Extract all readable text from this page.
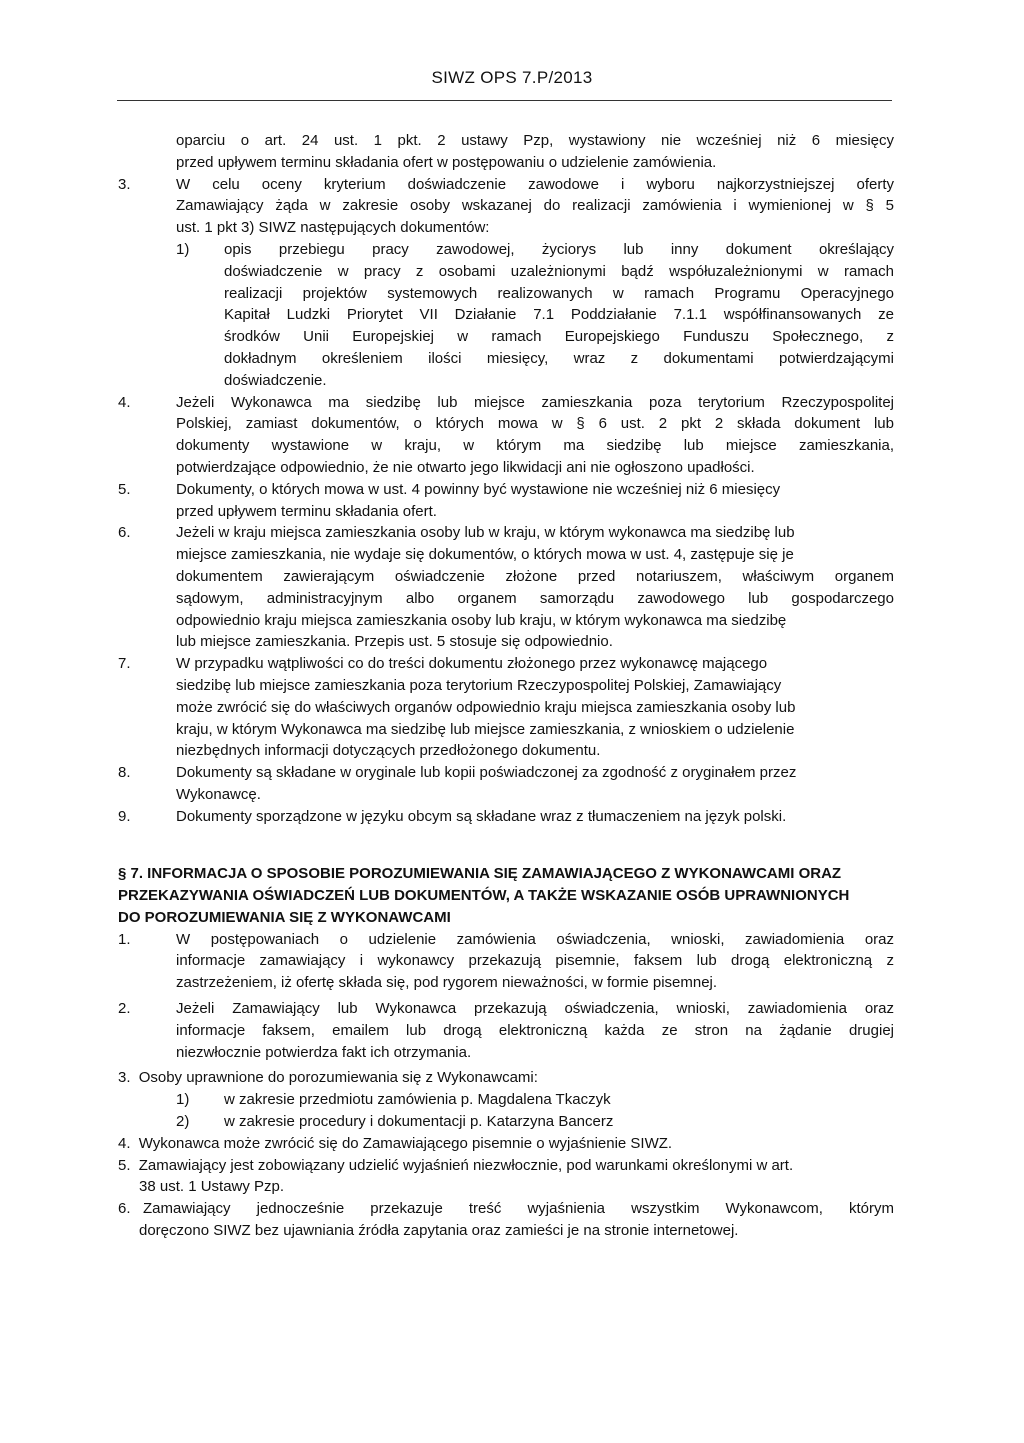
SIWZ OPS 7.P/2013
oparciu o art. 24 ust. 1 pkt. 2 ustawy Pzp, wystawiony nie wcześniej niż 6 miesięcy
przed upływem terminu składania ofert w postępowaniu o udzielenie zamówienia.
3.	W celu oceny kryterium doświadczenie zawodowe i wyboru najkorzystniejszej oferty
Zamawiający żąda w zakresie osoby wskazanej do realizacji zamówienia i wymienionej w § 5
ust. 1 pkt 3) SIWZ następujących dokumentów:
1) opis przebiegu pracy zawodowej, życiorys lub inny dokument określający
doświadczenie w pracy z osobami uzależnionymi bądź współuzależnionymi w ramach
realizacji projektów systemowych realizowanych w ramach Programu Operacyjnego
Kapitał Ludzki Priorytet VII Działanie 7.1 Poddziałanie 7.1.1 współfinansowanych ze
środków Unii Europejskiej w ramach Europejskiego Funduszu Społecznego, z
dokładnym określeniem ilości miesięcy, wraz z dokumentami potwierdzającymi
doświadczenie.
4.	Jeżeli Wykonawca ma siedzibę lub miejsce zamieszkania poza terytorium Rzeczypospolitej
Polskiej, zamiast dokumentów, o których mowa w § 6 ust. 2 pkt 2 składa dokument lub
dokumenty wystawione w kraju, w którym ma siedzibę lub miejsce zamieszkania,
potwierdzające odpowiednio, że nie otwarto jego likwidacji ani nie ogłoszono upadłości.
5.	Dokumenty, o których mowa w ust. 4 powinny być wystawione nie wcześniej niż 6 miesięcy
przed upływem terminu składania ofert.
6.	Jeżeli w kraju miejsca zamieszkania osoby lub w kraju, w którym wykonawca ma siedzibę lub
miejsce zamieszkania, nie wydaje się dokumentów, o których mowa w ust. 4, zastępuje się je
dokumentem zawierającym oświadczenie złożone przed notariuszem, właściwym organem
sądowym, administracyjnym albo organem samorządu zawodowego lub gospodarczego
odpowiednio kraju miejsca zamieszkania osoby lub kraju, w którym wykonawca ma siedzibę
lub miejsce zamieszkania. Przepis ust. 5 stosuje się odpowiednio.
7.	W przypadku wątpliwości co do treści dokumentu złożonego przez wykonawcę mającego
siedzibę lub miejsce zamieszkania poza terytorium Rzeczypospolitej Polskiej, Zamawiający
może zwrócić się do właściwych organów odpowiednio kraju miejsca zamieszkania osoby lub
kraju, w którym Wykonawca ma siedzibę lub miejsce zamieszkania, z wnioskiem o udzielenie
niezbędnych informacji dotyczących przedłożonego dokumentu.
8.	Dokumenty są składane w oryginale lub kopii poświadczonej za zgodność z oryginałem przez
Wykonawcę.
9.	Dokumenty sporządzone w języku obcym są składane wraz z tłumaczeniem na język polski.
§ 7. INFORMACJA O SPOSOBIE POROZUMIEWANIA SIĘ ZAMAWIAJĄCEGO Z WYKONAWCAMI ORAZ
PRZEKAZYWANIA OŚWIADCZEŃ LUB DOKUMENTÓW, A TAKŻE WSKAZANIE OSÓB UPRAWNIONYCH
DO POROZUMIEWANIA SIĘ Z WYKONAWCAMI
1.	W postępowaniach o udzielenie zamówienia oświadczenia, wnioski, zawiadomienia oraz
informacje zamawiający i wykonawcy przekazują pisemnie, faksem lub drogą elektroniczną z
zastrzeżeniem, iż ofertę składa się, pod rygorem nieważności, w formie pisemnej.
2.	Jeżeli Zamawiający lub Wykonawca przekazują oświadczenia, wnioski, zawiadomienia oraz
informacje faksem, emailem lub drogą elektroniczną każda ze stron na żądanie drugiej
niezwłocznie potwierdza fakt ich otrzymania.
3. Osoby uprawnione do porozumiewania się z Wykonawcami:
1) w zakresie przedmiotu zamówienia p. Magdalena Tkaczyk
2) w zakresie procedury i dokumentacji p. Katarzyna Bancerz
4. Wykonawca może zwrócić się do Zamawiającego pisemnie o wyjaśnienie SIWZ.
5. Zamawiający jest zobowiązany udzielić wyjaśnień niezwłocznie, pod warunkami określonymi w art.
38 ust. 1 Ustawy Pzp.
6. Zamawiający jednocześnie przekazuje treść wyjaśnienia wszystkim Wykonawcom, którym
doręczono SIWZ bez ujawniania źródła zapytania oraz zamieści je na stronie internetowej.
